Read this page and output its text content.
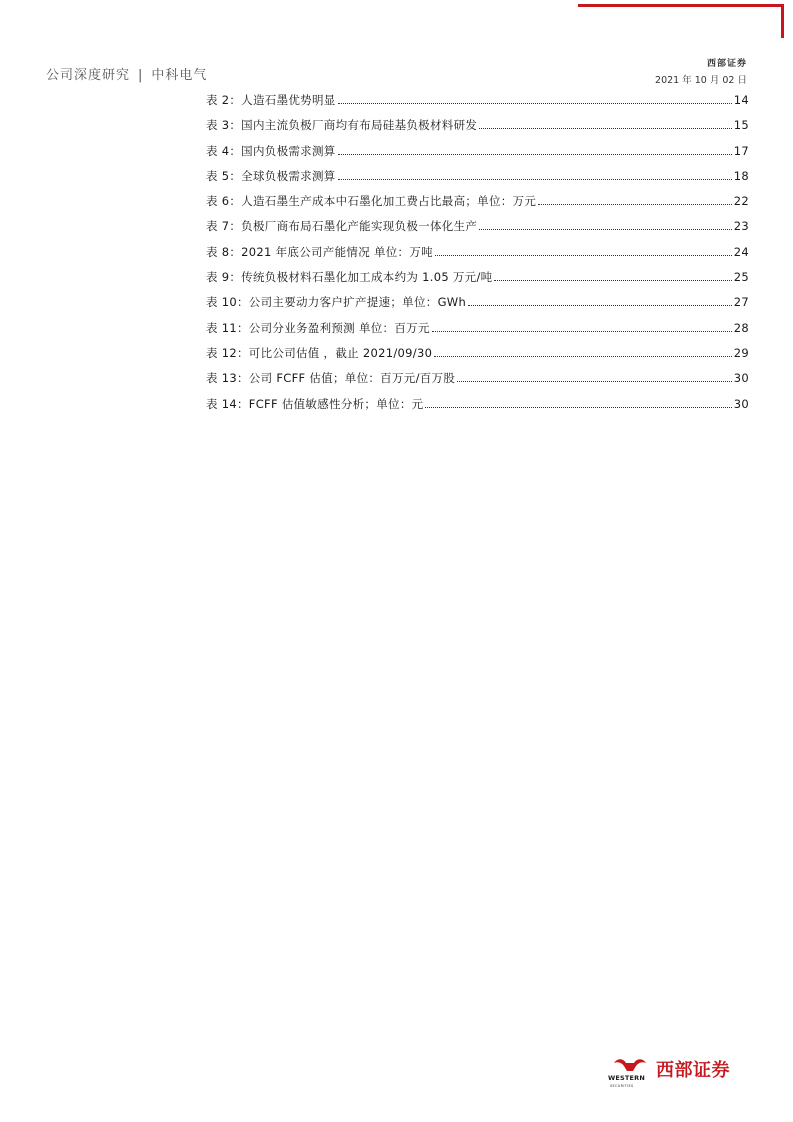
公司深度研究 | 中科电气
西部证券
2021 年 10 月 02 日
表 2：人造石墨优势明显	14
表 3：国内主流负极厂商均有布局硅基负极材料研发	15
表 4：国内负极需求测算	17
表 5：全球负极需求测算	18
表 6：人造石墨生产成本中石墨化加工费占比最高；单位：万元	22
表 7：负极厂商布局石墨化产能实现负极一体化生产	23
表 8：2021 年底公司产能情况 单位：万吨	24
表 9：传统负极材料石墨化加工成本约为 1.05 万元/吨	25
表 10：公司主要动力客户扩产提速；单位：GWh	27
表 11：公司分业务盈利预测 单位：百万元	28
表 12：可比公司估值 ，截止 2021/09/30	29
表 13：公司 FCFF 估值；单位：百万元/百万股	30
表 14：FCFF 估值敏感性分析；单位：元	30
WESTERN
SECURITIES
西部证券
